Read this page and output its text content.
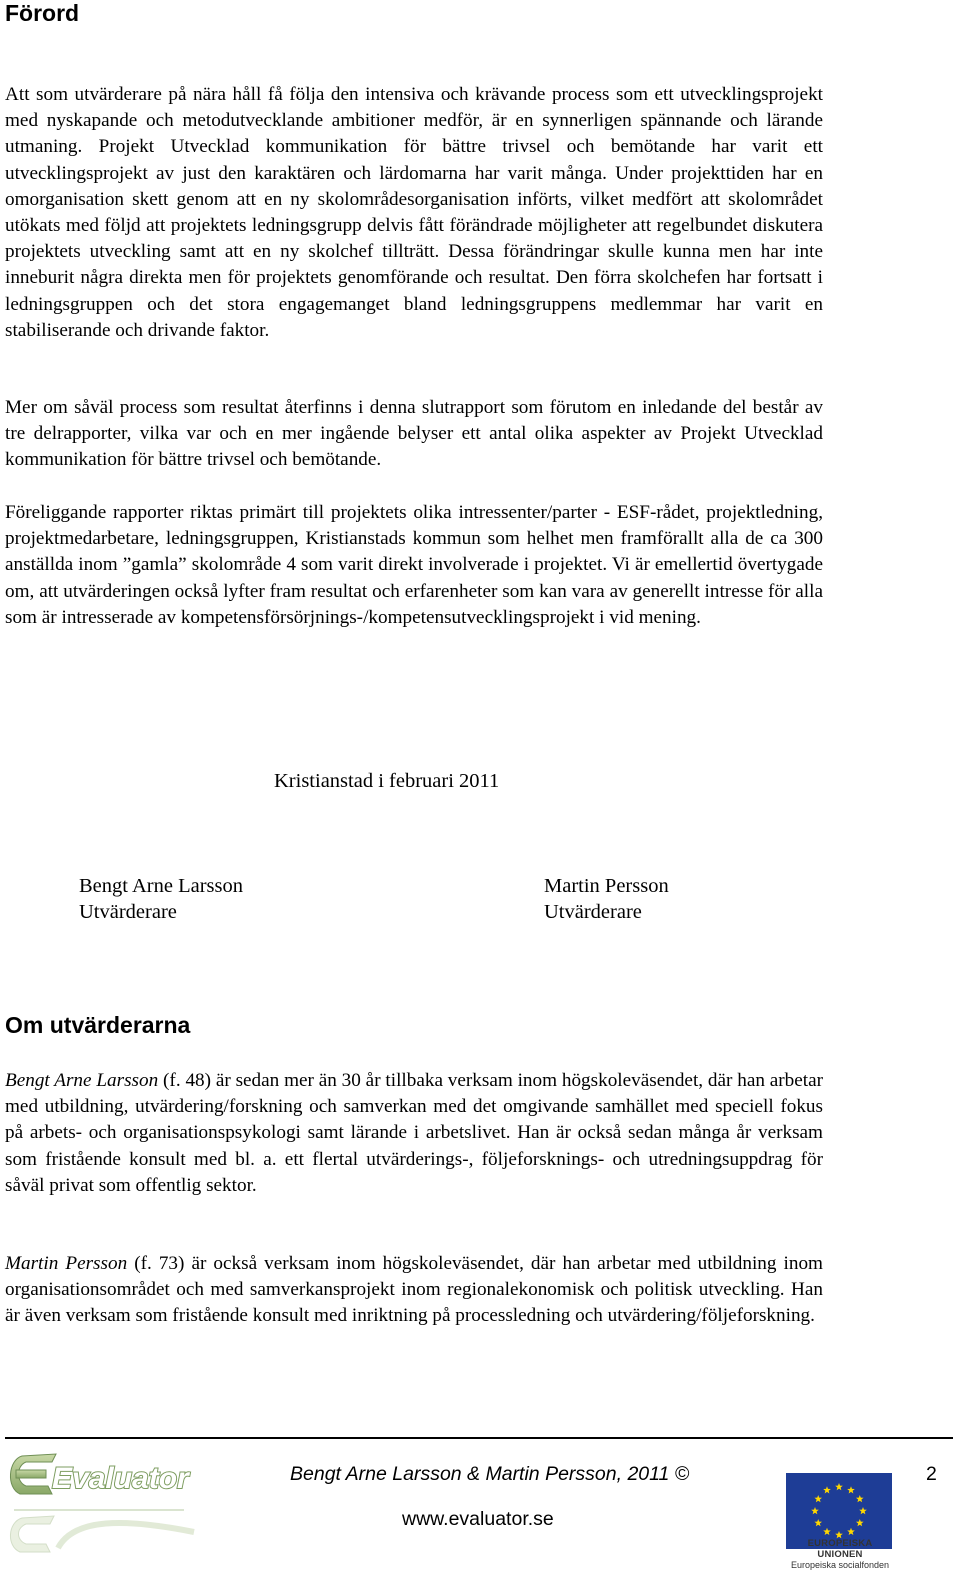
Förord

Att som utvärderare på nära håll få följa den intensiva och krävande process som ett utvecklingsprojekt med nyskapande och metodutvecklande ambitioner medför, är en synnerligen spännande och lärande utmaning. Projekt Utvecklad kommunikation för bättre trivsel och bemötande har varit ett utvecklingsprojekt av just den karaktären och lärdomarna har varit många. Under projekttiden har en omorganisation skett genom att en ny skolområdesorganisation införts, vilket medfört att skolområdet utökats med följd att projektets ledningsgrupp delvis fått förändrade möjligheter att regelbundet diskutera projektets utveckling samt att en ny skolchef tillträtt. Dessa förändringar skulle kunna men har inte inneburit några direkta men för projektets genomförande och resultat. Den förra skolchefen har fortsatt i ledningsgruppen och det stora engagemanget bland ledningsgruppens medlemmar har varit en stabiliserande och drivande faktor.

Mer om såväl process som resultat återfinns i denna slutrapport som förutom en inledande del består av tre delrapporter, vilka var och en mer ingående belyser ett antal olika aspekter av Projekt Utvecklad kommunikation för bättre trivsel och bemötande.

Föreliggande rapporter riktas primärt till projektets olika intressenter/parter - ESF-rådet, projektledning, projektmedarbetare, ledningsgruppen, Kristianstads kommun som helhet men framförallt alla de ca 300 anställda inom ”gamla” skolområde 4 som varit direkt involverade i projektet. Vi är emellertid övertygade om, att utvärderingen också lyfter fram resultat och erfarenheter som kan vara av generellt intresse för alla som är intresserade av kompetensförsörjnings-/kompetensutvecklingsprojekt i vid mening.

Kristianstad i februari 2011
Bengt Arne Larsson
Utvärderare
Martin Persson
Utvärderare
Om utvärderarna

Bengt Arne Larsson (f. 48) är sedan mer än 30 år tillbaka verksam inom högskoleväsendet, där han arbetar med utbildning, utvärdering/forskning och samverkan med det omgivande samhället med speciell fokus på arbets- och organisationspsykologi samt lärande i arbetslivet. Han är också sedan många år verksam som fristående konsult med bl. a. ett flertal utvärderings-, följeforsknings- och utredningsuppdrag för såväl privat som offentlig sektor.

Martin Persson (f. 73) är också verksam inom högskoleväsendet, där han arbetar med utbildning inom organisationsområdet och med samverkansprojekt inom regionalekonomisk och politisk utveckling. Han är även verksam som fristående konsult med inriktning på processledning och utvärdering/följeforskning.

Evaluator	Bengt Arne Larsson & Martin Persson, 2011 ©
www.evaluator.se
2
EUROPEISKA UNIONEN
Europeiska socialfonden
